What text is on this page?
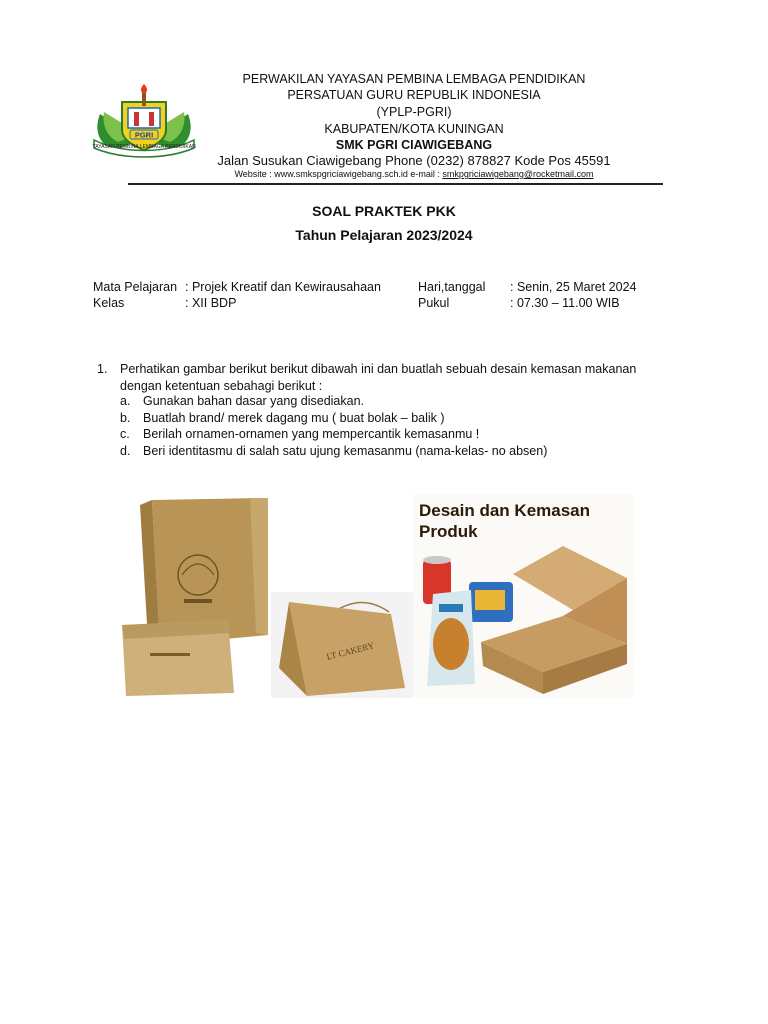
YAYASAN PEMBINA LEMBAGA PENDIDIKAN
PGRI
PERWAKILAN YAYASAN PEMBINA LEMBAGA PENDIDIKAN
PERSATUAN GURU REPUBLIK INDONESIA
(YPLP-PGRI)
KABUPATEN/KOTA KUNINGAN
SMK PGRI CIAWIGEBANG
Jalan Susukan Ciawigebang Phone (0232) 878827 Kode Pos 45591
Website : www.smkspgriciawigebang.sch.id e-mail : smkpgriciawigebang@rocketmail.com
SOAL PRAKTEK PKK
Tahun Pelajaran 2023/2024
Mata Pelajaran : Projek Kreatif dan Kewirausahaan
Kelas	: XII BDP
Hari,tanggal : Senin, 25 Maret 2024
Pukul	: 07.30 – 11.00 WIB
1. Perhatikan gambar berikut berikut dibawah ini dan buatlah sebuah desain kemasan makanan dengan ketentuan sebahagi berikut :
a. Gunakan bahan dasar yang disediakan.
b. Buatlah brand/ merek dagang mu ( buat bolak – balik )
c. Berilah ornamen-ornamen yang mempercantik kemasanmu !
d. Beri identitasmu di salah satu ujung kemasanmu (nama-kelas- no absen)
LT CAKERY
Desain dan Kemasan Produk
